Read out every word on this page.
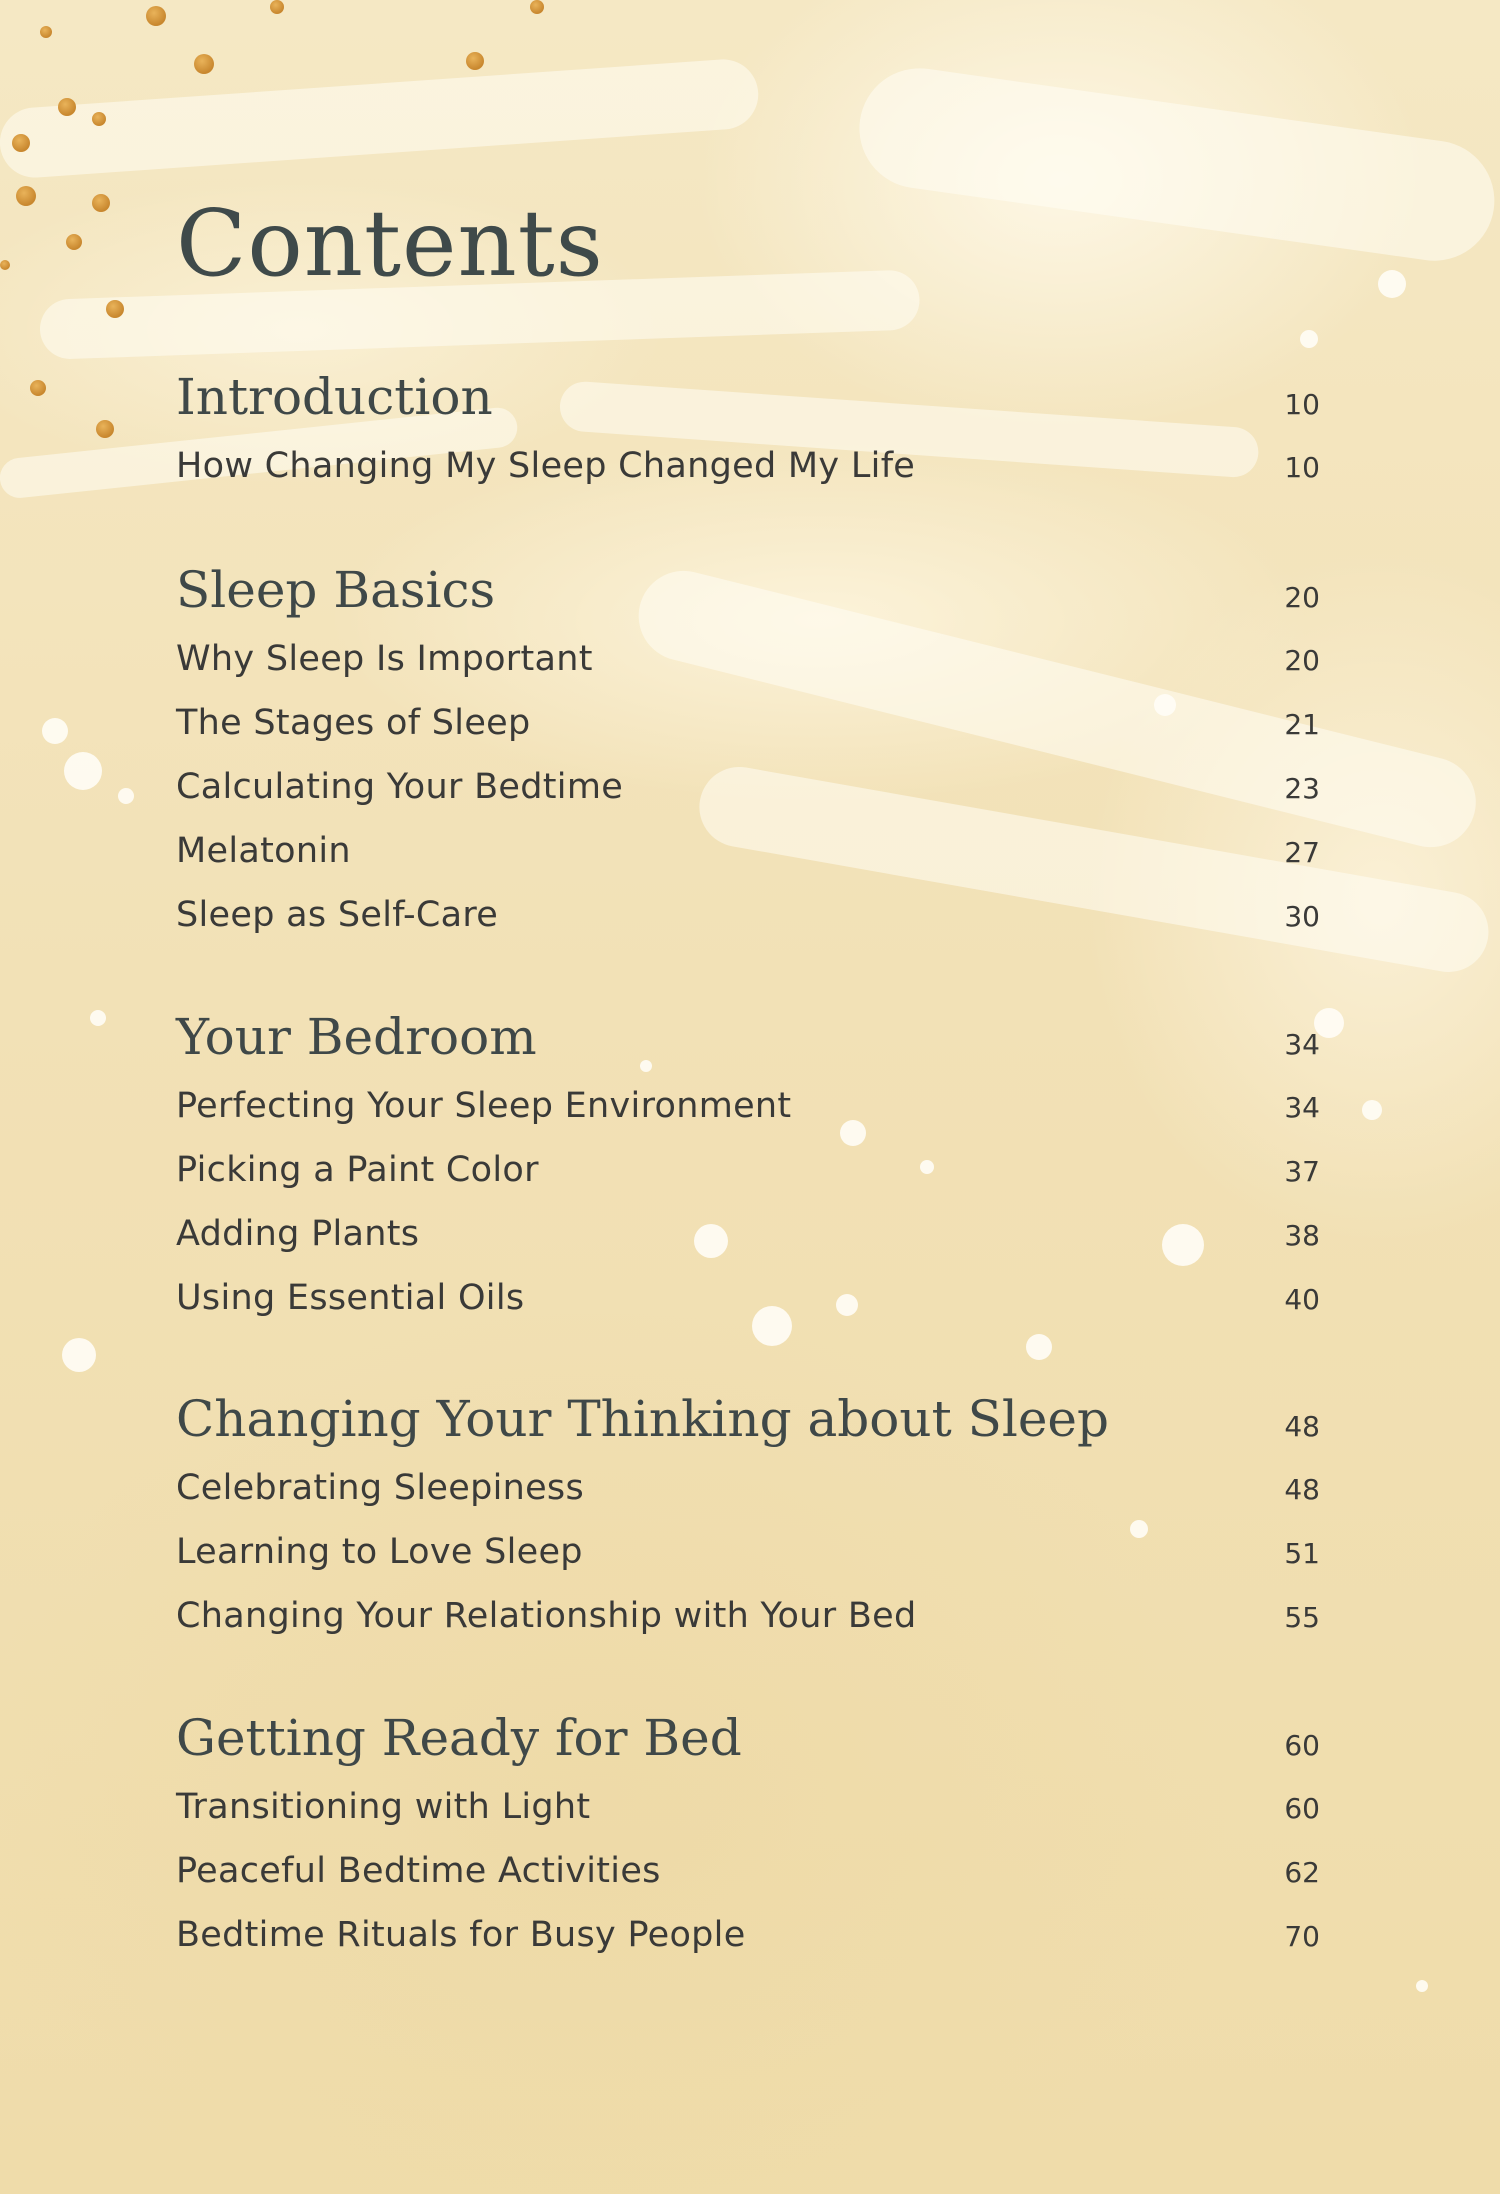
Contents
Introduction	10
How Changing My Sleep Changed My Life	10
Sleep Basics	20
Why Sleep Is Important	20
The Stages of Sleep	21
Calculating Your Bedtime	23
Melatonin	27
Sleep as Self-Care	30
Your Bedroom	34
Perfecting Your Sleep Environment	34
Picking a Paint Color	37
Adding Plants	38
Using Essential Oils	40
Changing Your Thinking about Sleep	48
Celebrating Sleepiness	48
Learning to Love Sleep	51
Changing Your Relationship with Your Bed	55
Getting Ready for Bed	60
Transitioning with Light	60
Peaceful Bedtime Activities	62
Bedtime Rituals for Busy People	70
